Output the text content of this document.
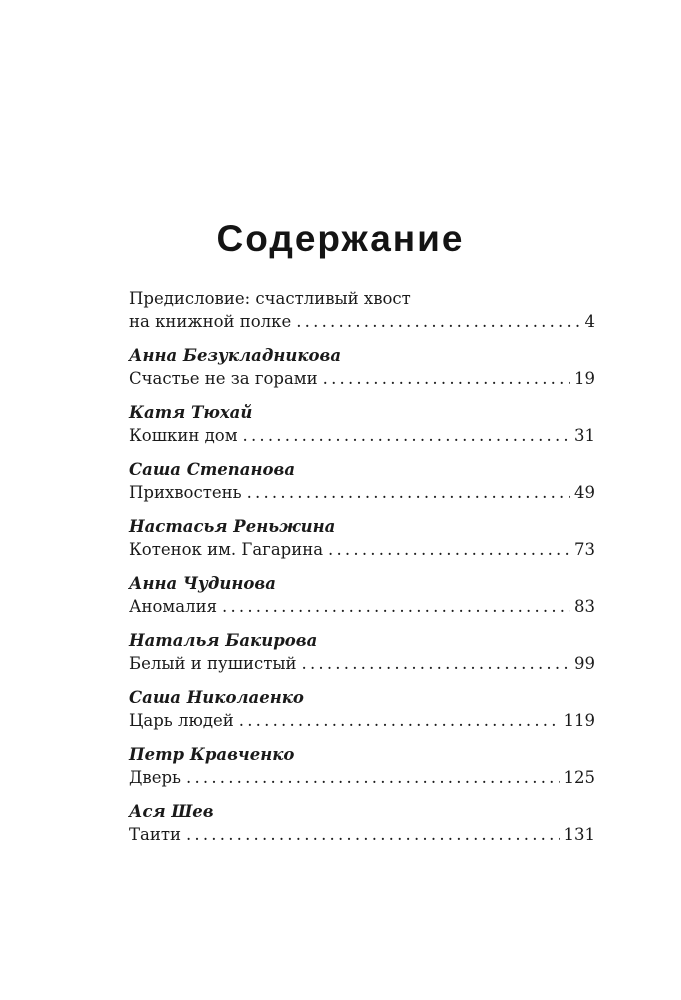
Содержание
Предисловие: счастливый хвост
на книжной полке .....	4
Анна Безукладникова
Счастье не за горами .....	19
Катя Тюхай
Кошкин дом .....	31
Саша Степанова
Прихвостень .....	49
Настасья Реньжина
Котенок им. Гагарина .....	73
Анна Чудинова
Аномалия .....	83
Наталья Бакирова
Белый и пушистый .....	99
Саша Николаенко
Царь людей .....	119
Петр Кравченко
Дверь .....	125
Ася Шев
Таити .....	131
